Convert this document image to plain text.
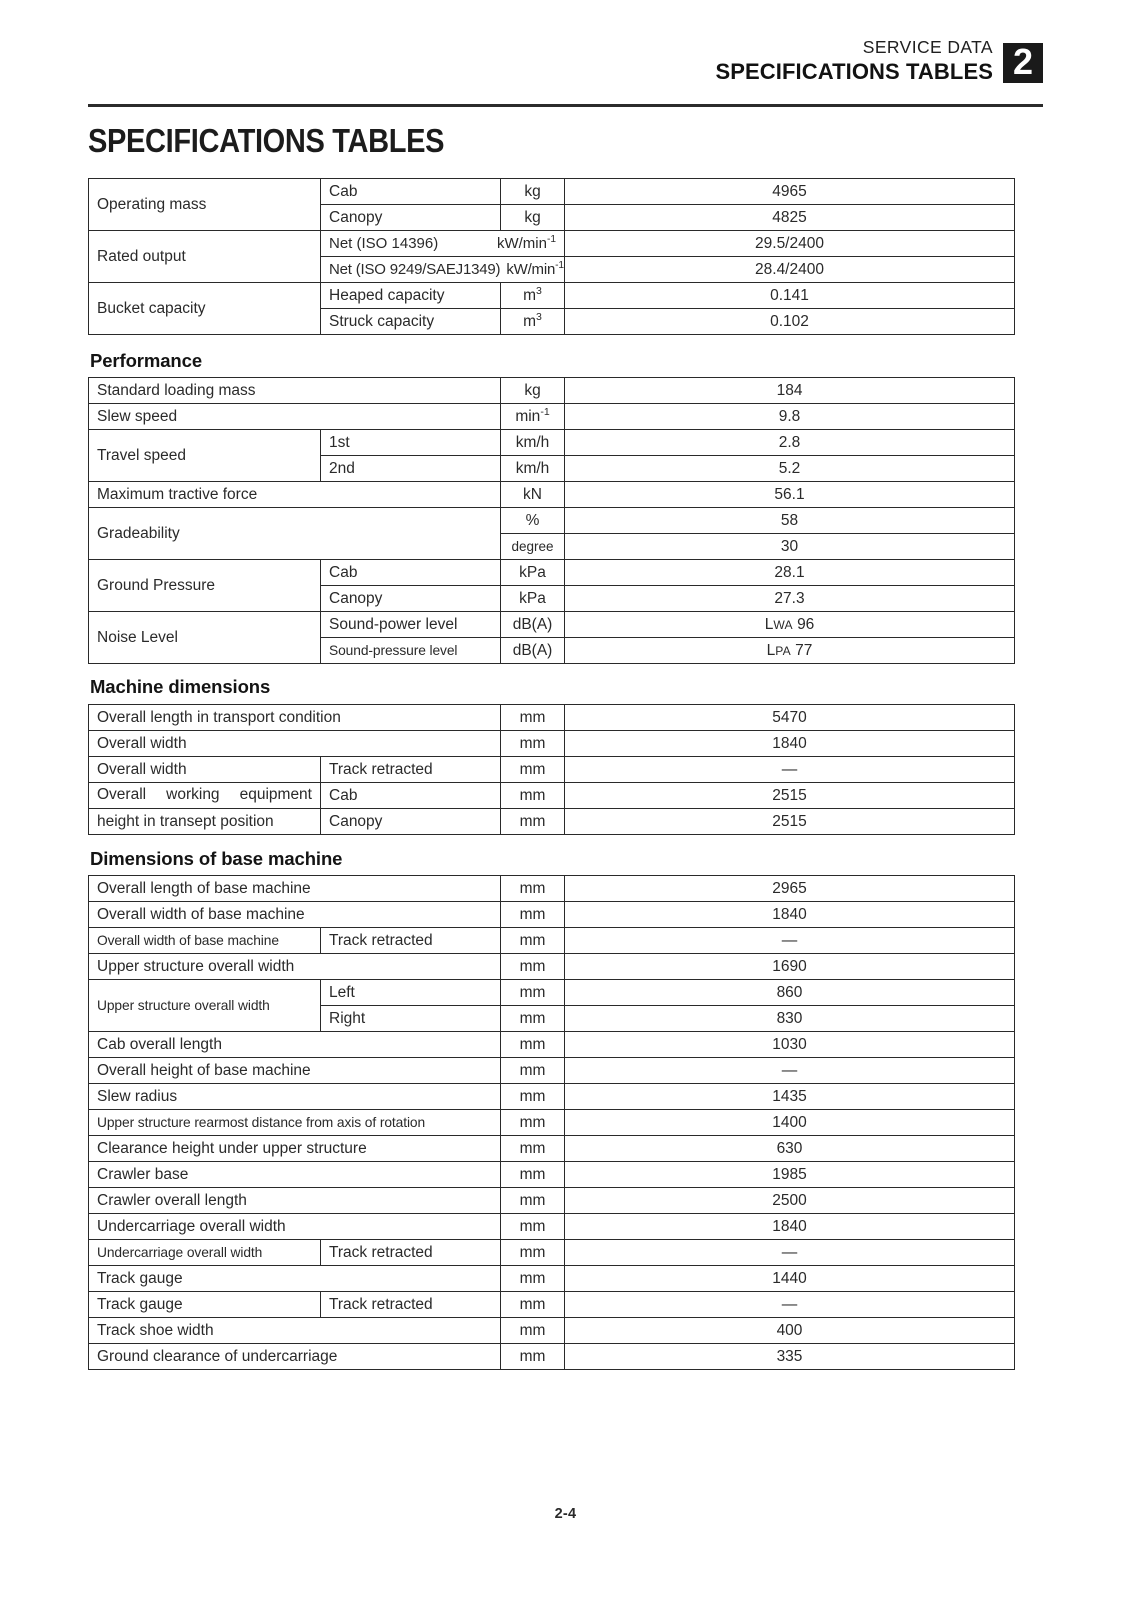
SERVICE DATA
SPECIFICATIONS TABLES 2
SPECIFICATIONS TABLES
Operating mass	Cab	kg	4965
	Canopy	kg	4825
Rated output	Net (ISO 14396) $kW/\min^{-1}$		29.5/2400

	Net (ISO 9249/SAEJ1349) $kW/\min^{-1}$		28.4/2400
Bucket capacity	Heaped capacity	$m^3$	0.141
	Struck capacity	$m^3$	0.102
Performance
Standard loading mass		kg	184
Slew speed		$\min^{-1}$	9.8
Travel speed	1st	km/h	2.8
	2nd	km/h	5.2
Maximum tractive force		kN	56.1
Gradeability		%	58
		degree	30
Ground Pressure	Cab	kPa	28.1
	Canopy	kPa	27.3
Noise Level	Sound-power level	dB(A)	LWA 96
	Sound-pressure level	dB(A)	LPA 77
Machine dimensions
Overall length in transport condition		mm	5470
Overall width		mm	1840
Overall width	Track retracted	mm	—
Overall working equipment	Cab	mm	2515
height in transept position	Canopy	mm	2515
Dimensions of base machine
Overall length of base machine		mm	2965
Overall width of base machine		mm	1840
Overall width of base machine	Track retracted	mm	—
Upper structure overall width		mm	1690
Upper structure overall width	Left	mm	860
	Right	mm	830
Cab overall length		mm	1030
Overall height of base machine		mm	—
Slew radius		mm	1435
Upper structure rearmost distance from axis of rotation		mm	1400
Clearance height under upper structure		mm	630
Crawler base		mm	1985
Crawler overall length		mm	2500
Undercarriage overall width		mm	1840
Undercarriage overall width	Track retracted	mm	—
Track gauge		mm	1440
Track gauge	Track retracted	mm	—
Track shoe width		mm	400
Ground clearance of undercarriage		mm	335
2-4
